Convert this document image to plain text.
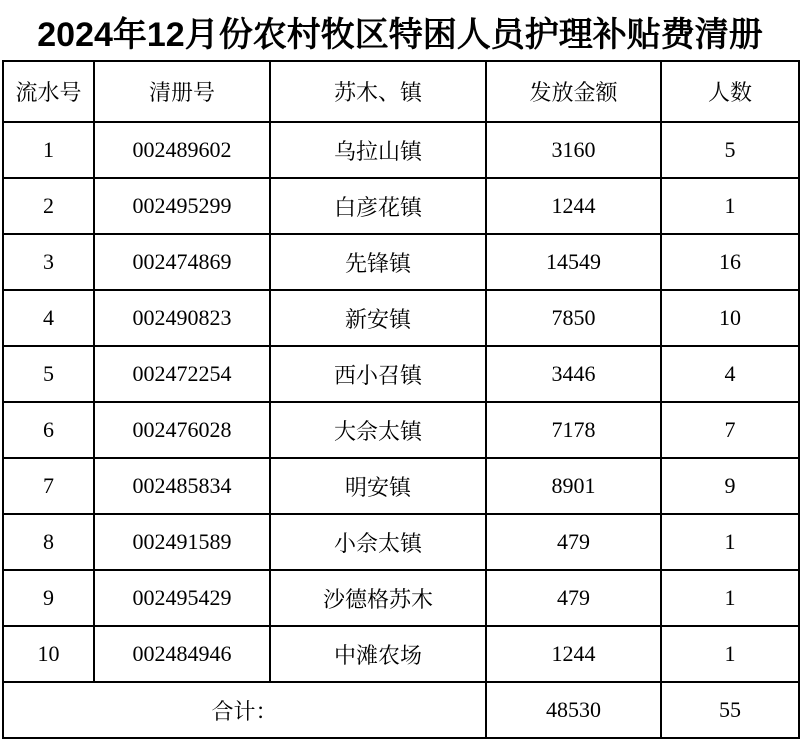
2024年12月份农村牧区特困人员护理补贴费清册
流水号	清册号	苏木、镇	发放金额	人数
1	002489602	乌拉山镇	3160	5
2	002495299	白彦花镇	1244	1
3	002474869	先锋镇	14549	16
4	002490823	新安镇	7850	10
5	002472254	西小召镇	3446	4
6	002476028	大佘太镇	7178	7
7	002485834	明安镇	8901	9
8	002491589	小佘太镇	479	1
9	002495429	沙德格苏木	479	1
10	002484946	中滩农场	1244	1
合计：			48530	55
